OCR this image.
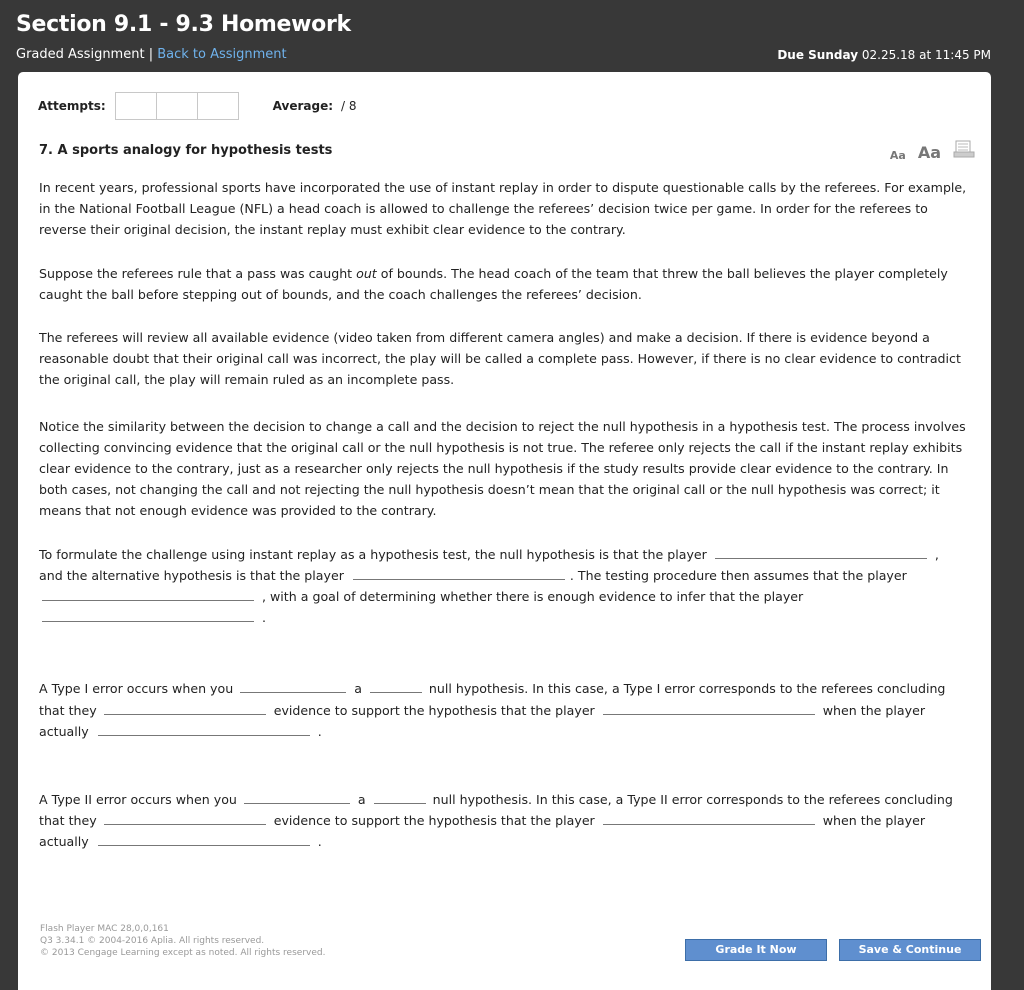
Section 9.1 - 9.3 Homework
Graded Assignment | Back to Assignment	Due Sunday 02.25.18 at 11:45 PM
Attempts:	Average: / 8
7. A sports analogy for hypothesis tests	Aa Aa

In recent years, professional sports have incorporated the use of instant replay in order to dispute questionable calls by the referees. For example, in the National Football League (NFL) a head coach is allowed to challenge the referees’ decision twice per game. In order for the referees to reverse their original decision, the instant replay must exhibit clear evidence to the contrary.

Suppose the referees rule that a pass was caught out of bounds. The head coach of the team that threw the ball believes the player completely caught the ball before stepping out of bounds, and the coach challenges the referees’ decision.

The referees will review all available evidence (video taken from different camera angles) and make a decision. If there is evidence beyond a reasonable doubt that their original call was incorrect, the play will be called a complete pass. However, if there is no clear evidence to contradict the original call, the play will remain ruled as an incomplete pass.

Notice the similarity between the decision to change a call and the decision to reject the null hypothesis in a hypothesis test. The process involves collecting convincing evidence that the original call or the null hypothesis is not true. The referee only rejects the call if the instant replay exhibits clear evidence to the contrary, just as a researcher only rejects the null hypothesis if the study results provide clear evidence to the contrary. In both cases, not changing the call and not rejecting the null hypothesis doesn’t mean that the original call or the null hypothesis was correct; it means that not enough evidence was provided to the contrary.

To formulate the challenge using instant replay as a hypothesis test, the null hypothesis is that the player	,
and the alternative hypothesis is that the player	. The testing procedure then assumes that the player
, with a goal of determining whether there is enough evidence to infer that the player
.
A Type I error occurs when you	a	null hypothesis. In this case, a Type I error corresponds to the referees concluding
that they	evidence to support the hypothesis that the player	when the player
actually	.
A Type II error occurs when you	a	null hypothesis. In this case, a Type II error corresponds to the referees concluding
that they	evidence to support the hypothesis that the player	when the player
actually	.
Flash Player MAC 28,0,0,161
Q3 3.34.1 © 2004-2016 Aplia. All rights reserved.
© 2013 Cengage Learning except as noted. All rights reserved.	Grade It Now	Save & Continue
